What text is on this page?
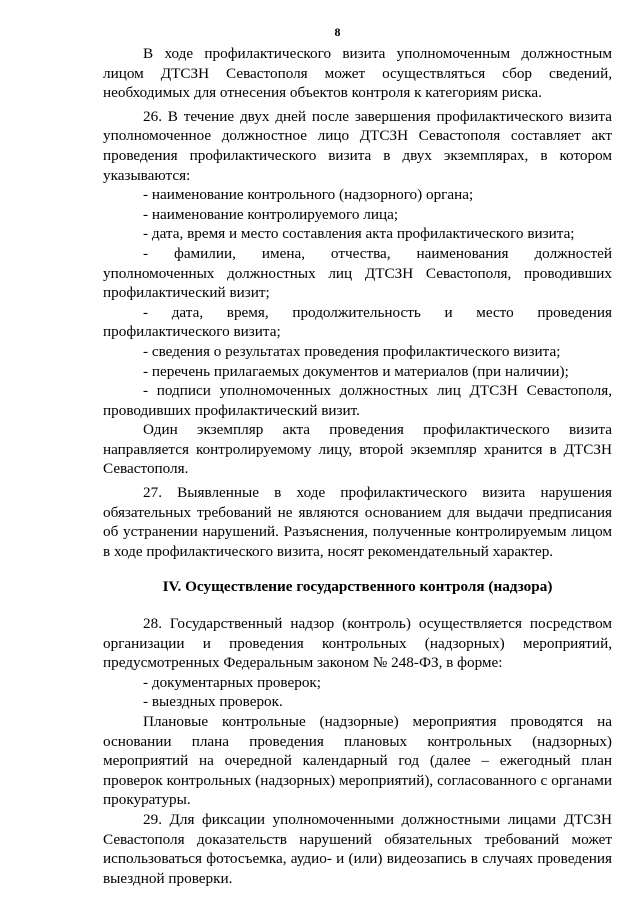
8

В ходе профилактического визита уполномоченным должностным лицом ДТСЗН Севастополя может осуществляться сбор сведений, необходимых для отнесения объектов контроля к категориям риска.

26. В течение двух дней после завершения профилактического визита уполномоченное должностное лицо ДТСЗН Севастополя составляет акт проведения профилактического визита в двух экземплярах, в котором указываются:

- наименование контрольного (надзорного) органа;

- наименование контролируемого лица;

- дата, время и место составления акта профилактического визита;

- фамилии, имена, отчества, наименования должностей уполномоченных должностных лиц ДТСЗН Севастополя, проводивших профилактический визит;

- дата, время, продолжительность и место проведения профилактического визита;

- сведения о результатах проведения профилактического визита;

- перечень прилагаемых документов и материалов (при наличии);

- подписи уполномоченных должностных лиц ДТСЗН Севастополя, проводивших профилактический визит.

Один экземпляр акта проведения профилактического визита направляется контролируемому лицу, второй экземпляр хранится в ДТСЗН Севастополя.

27. Выявленные в ходе профилактического визита нарушения обязательных требований не являются основанием для выдачи предписания об устранении нарушений. Разъяснения, полученные контролируемым лицом в ходе профилактического визита, носят рекомендательный характер.

IV. Осуществление государственного контроля (надзора)

28. Государственный надзор (контроль) осуществляется посредством организации и проведения контрольных (надзорных) мероприятий, предусмотренных Федеральным законом № 248-ФЗ, в форме:

- документарных проверок;

- выездных проверок.

Плановые контрольные (надзорные) мероприятия проводятся на основании плана проведения плановых контрольных (надзорных) мероприятий на очередной календарный год (далее – ежегодный план проверок контрольных (надзорных) мероприятий), согласованного с органами прокуратуры.

29. Для фиксации уполномоченными должностными лицами ДТСЗН Севастополя доказательств нарушений обязательных требований может использоваться фотосъемка, аудио- и (или) видеозапись в случаях проведения выездной проверки.
